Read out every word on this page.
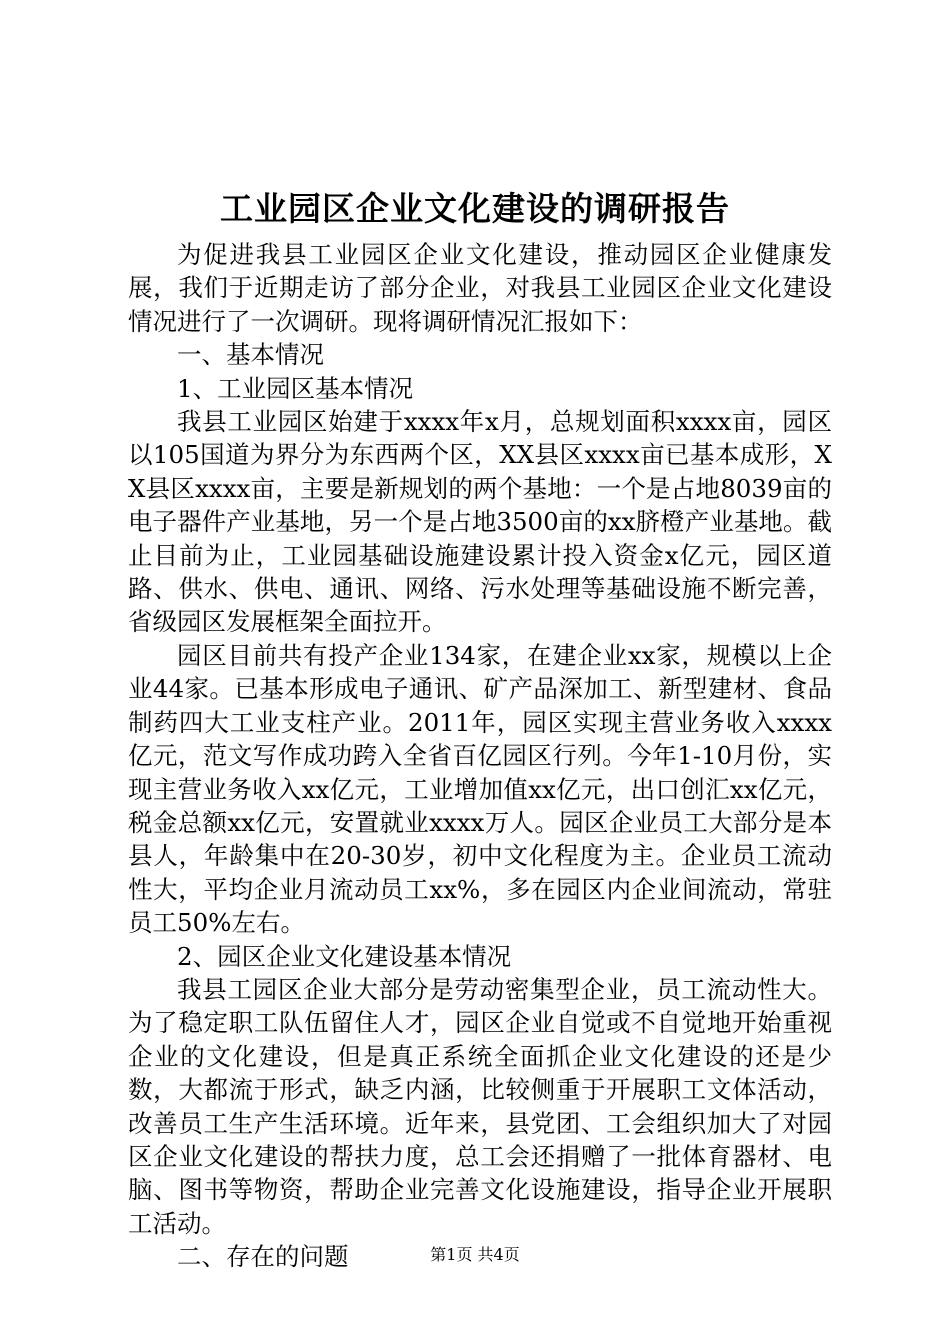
工业园区企业文化建设的调研报告

为促进我县工业园区企业文化建设，推动园区企业健康发展，我们于近期走访了部分企业，对我县工业园区企业文化建设情况进行了一次调研。现将调研情况汇报如下：

一、基本情况

1、工业园区基本情况

我县工业园区始建于xxxx年x月，总规划面积xxxx亩，园区以105国道为界分为东西两个区，XX县区xxxx亩已基本成形，XX县区xxxx亩，主要是新规划的两个基地：一个是占地8039亩的电子器件产业基地，另一个是占地3500亩的xx脐橙产业基地。截止目前为止，工业园基础设施建设累计投入资金x亿元，园区道路、供水、供电、通讯、网络、污水处理等基础设施不断完善，省级园区发展框架全面拉开。

园区目前共有投产企业134家，在建企业xx家，规模以上企业44家。已基本形成电子通讯、矿产品深加工、新型建材、食品制药四大工业支柱产业。2011年，园区实现主营业务收入xxxx亿元，范文写作成功跨入全省百亿园区行列。今年1-10月份，实现主营业务收入xx亿元，工业增加值xx亿元，出口创汇xx亿元，税金总额xx亿元，安置就业xxxx万人。园区企业员工大部分是本县人，年龄集中在20-30岁，初中文化程度为主。企业员工流动性大，平均企业月流动员工xx%，多在园区内企业间流动，常驻员工50%左右。

2、园区企业文化建设基本情况

我县工园区企业大部分是劳动密集型企业，员工流动性大。为了稳定职工队伍留住人才，园区企业自觉或不自觉地开始重视企业的文化建设，但是真正系统全面抓企业文化建设的还是少数，大都流于形式，缺乏内涵，比较侧重于开展职工文体活动，改善员工生产生活环境。近年来，县党团、工会组织加大了对园区企业文化建设的帮扶力度，总工会还捐赠了一批体育器材、电脑、图书等物资，帮助企业完善文化设施建设，指导企业开展职工活动。

二、存在的问题	第1页 共4页
